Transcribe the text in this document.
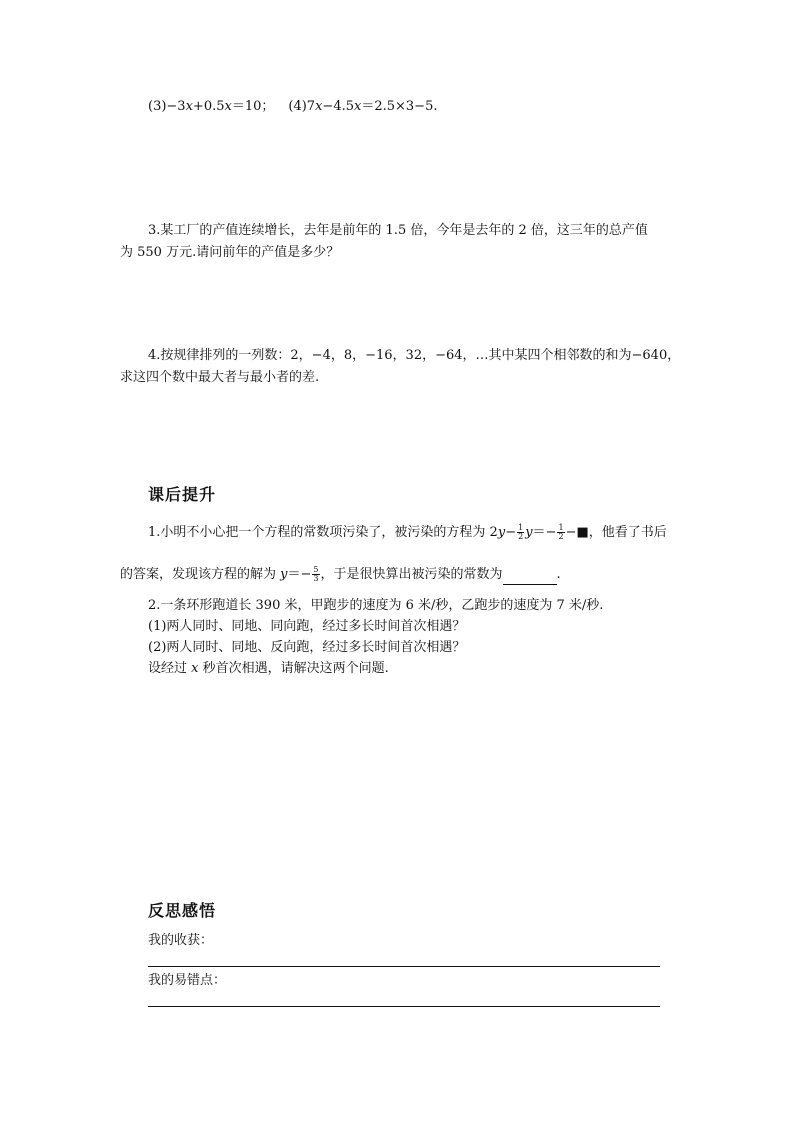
(3)−3x+0.5x＝10； (4)7x−4.5x＝2.5×3−5.
3.某工厂的产值连续增长，去年是前年的 1.5 倍，今年是去年的 2 倍，这三年的总产值
为 550 万元.请问前年的产值是多少？
4.按规律排列的一列数：2，−4，8，−16，32，−64，…其中某四个相邻数的和为−640，
求这四个数中最大者与最小者的差.
课后提升
1.小明不小心把一个方程的常数项污染了，被污染的方程为 $2y- \frac{1}{2} y=- \frac{1}{2}$ −■，他看了书后
的答案，发现该方程的解为 $y=- \frac{5}{3}$ ，于是很快算出被污染的常数为	.
2.一条环形跑道长 390 米，甲跑步的速度为 6 米/秒，乙跑步的速度为 7 米/秒.
(1)两人同时、同地、同向跑，经过多长时间首次相遇？
(2)两人同时、同地、反向跑，经过多长时间首次相遇？
设经过 x 秒首次相遇，请解决这两个问题.
反思感悟
我的收获：
我的易错点：
